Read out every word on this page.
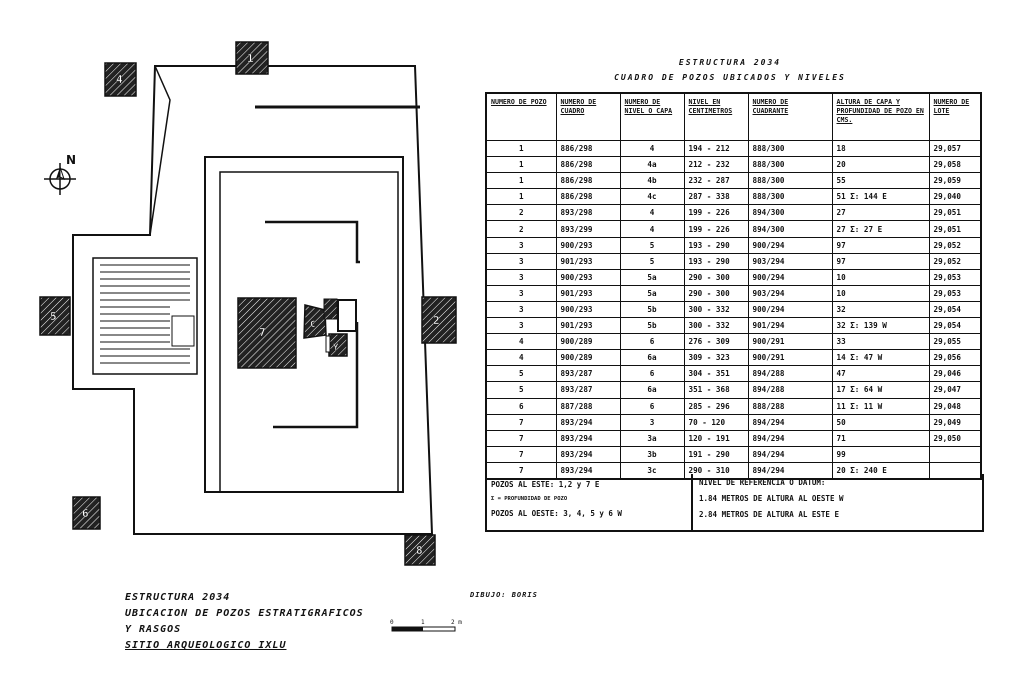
7
2
5
4
1
6
8
C
Y
N
0	1	2 m
ESTRUCTURA 2034
CUADRO DE POZOS UBICADOS Y NIVELES
NUMERO DE POZO	NUMERO DE CUADRO	NUMERO DE NIVEL O CAPA	NIVEL EN CENTIMETROS	NUMERO DE CUADRANTE	ALTURA DE CAPA Y PROFUNDIDAD DE POZO EN CMS.	NUMERO DE LOTE
1	886/298	4	194 - 212	888/300	18	29,057
1	886/298	4a	212 - 232	888/300	20	29,058
1	886/298	4b	232 - 287	888/300	55	29,059
1	886/298	4c	287 - 338	888/300	51 Σ: 144 E	29,040
2	893/298	4	199 - 226	894/300	27	29,051
2	893/299	4	199 - 226	894/300	27 Σ: 27 E	29,051
3	900/293	5	193 - 290	900/294	97	29,052
3	901/293	5	193 - 290	903/294	97	29,052
3	900/293	5a	290 - 300	900/294	10	29,053
3	901/293	5a	290 - 300	903/294	10	29,053
3	900/293	5b	300 - 332	900/294	32	29,054
3	901/293	5b	300 - 332	901/294	32 Σ: 139 W	29,054
4	900/289	6	276 - 309	900/291	33	29,055
4	900/289	6a	309 - 323	900/291	14 Σ: 47 W	29,056
5	893/287	6	304 - 351	894/288	47	29,046
5	893/287	6a	351 - 368	894/288	17 Σ: 64 W	29,047
6	887/288	6	285 - 296	888/288	11 Σ: 11 W	29,048
7	893/294	3	70 - 120	894/294	50	29,049
7	893/294	3a	120 - 191	894/294	71	29,050
7	893/294	3b	191 - 290	894/294	99	
7	893/294	3c	290 - 310	894/294	20 Σ: 240 E	
POZOS AL ESTE: 1,2 y 7 E
Σ = PROFUNDIDAD DE POZO
POZOS AL OESTE: 3, 4, 5 y 6 W
NIVEL DE REFERENCIA O DATUM:
1.84 METROS DE ALTURA AL OESTE W
2.84 METROS DE ALTURA AL ESTE E
ESTRUCTURA 2034
UBICACION DE POZOS ESTRATIGRAFICOS
Y RASGOS
SITIO ARQUEOLOGICO IXLU
DIBUJO: BORIS
